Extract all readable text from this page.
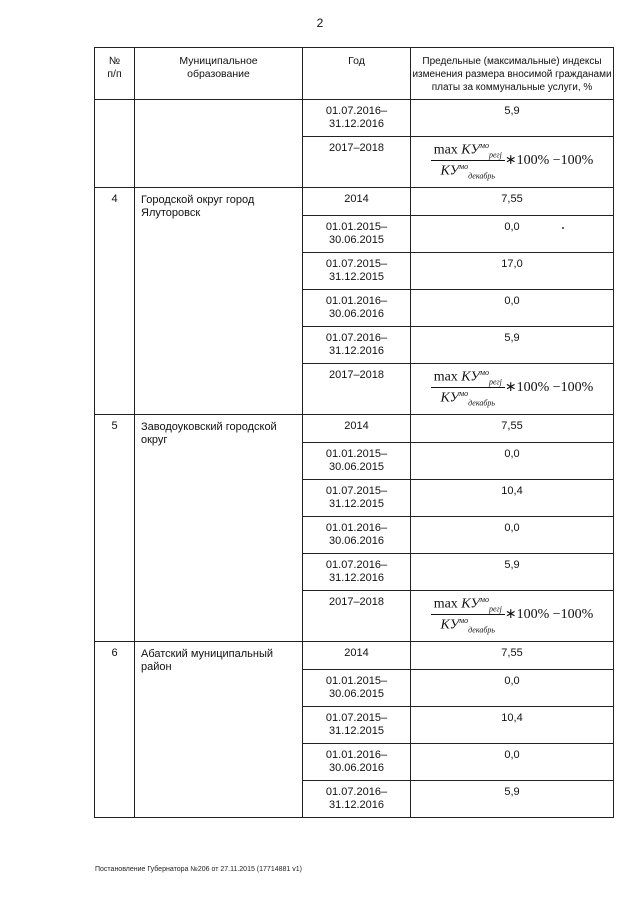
2
№
п/п	Муниципальное
образование	Год	Предельные (максимальные) индексы
изменения размера вносимой гражданами
платы за коммунальные услуги, %
		01.07.2016–
31.12.2016	5,9
		2017–2018	$\frac{\max КУ^{мо}_{регj}}{КУ^{мо}_{декабрь}}$ ∗100% −100%
4	Городской округ город
Ялуторовск	2014	7,55
		01.01.2015–
30.06.2015	0,0
		01.07.2015–
31.12.2015	17,0
		01.01.2016–
30.06.2016	0,0
		01.07.2016–
31.12.2016	5,9
		2017–2018	$\frac{\max КУ^{мо}_{регj}}{КУ^{мо}_{декабрь}}$ ∗100% −100%
5	Заводоуковский городской
округ	2014	7,55
		01.01.2015–
30.06.2015	0,0
		01.07.2015–
31.12.2015	10,4
		01.01.2016–
30.06.2016	0,0
		01.07.2016–
31.12.2016	5,9
		2017–2018	$\frac{\max КУ^{мо}_{регj}}{КУ^{мо}_{декабрь}}$ ∗100% −100%
6	Абатский муниципальный
район	2014	7,55
		01.01.2015–
30.06.2015	0,0
		01.07.2015–
31.12.2015	10,4
		01.01.2016–
30.06.2016	0,0
		01.07.2016–
31.12.2016	5,9
Постановление Губернатора №206 от 27.11.2015 (17714881 v1)
